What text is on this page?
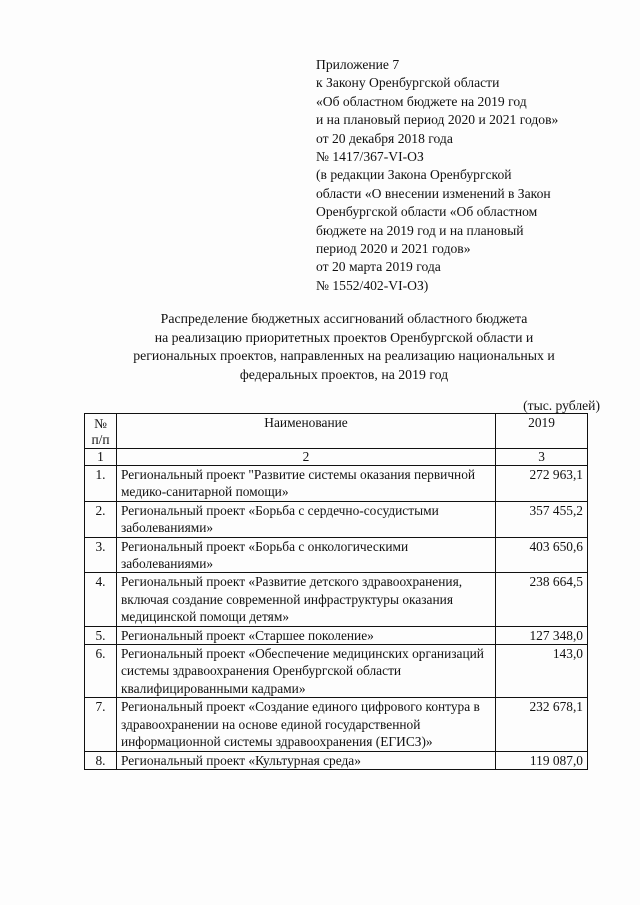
Приложение 7
к Закону Оренбургской области
«Об областном бюджете на 2019 год
и на плановый период 2020 и 2021 годов»
от 20 декабря 2018 года
№ 1417/367-VI-ОЗ
(в редакции Закона Оренбургской
области «О внесении изменений в Закон
Оренбургской области «Об областном
бюджете на 2019 год и на плановый
период 2020 и 2021 годов»
от 20 марта 2019 года
№ 1552/402-VI-ОЗ)
Распределение бюджетных ассигнований областного бюджета
на реализацию приоритетных проектов Оренбургской области и
региональных проектов, направленных на реализацию национальных и
федеральных проектов, на 2019 год
(тыс. рублей)
№
п/п	Наименование	2019
1	2	3
1.	Региональный проект "Развитие системы оказания первичной медико-санитарной помощи»	272 963,1
2.	Региональный проект «Борьба с сердечно-сосудистыми заболеваниями»	357 455,2
3.	Региональный проект «Борьба с онкологическими заболеваниями»	403 650,6
4.	Региональный проект «Развитие детского здравоохранения, включая создание современной инфраструктуры оказания медицинской помощи детям»	238 664,5
5.	Региональный проект «Старшее поколение»	127 348,0
6.	Региональный проект «Обеспечение медицинских организаций системы здравоохранения Оренбургской области квалифицированными кадрами»	143,0
7.	Региональный проект «Создание единого цифрового контура в здравоохранении на основе единой государственной информационной системы здравоохранения (ЕГИСЗ)»	232 678,1
8.	Региональный проект «Культурная среда»	119 087,0
